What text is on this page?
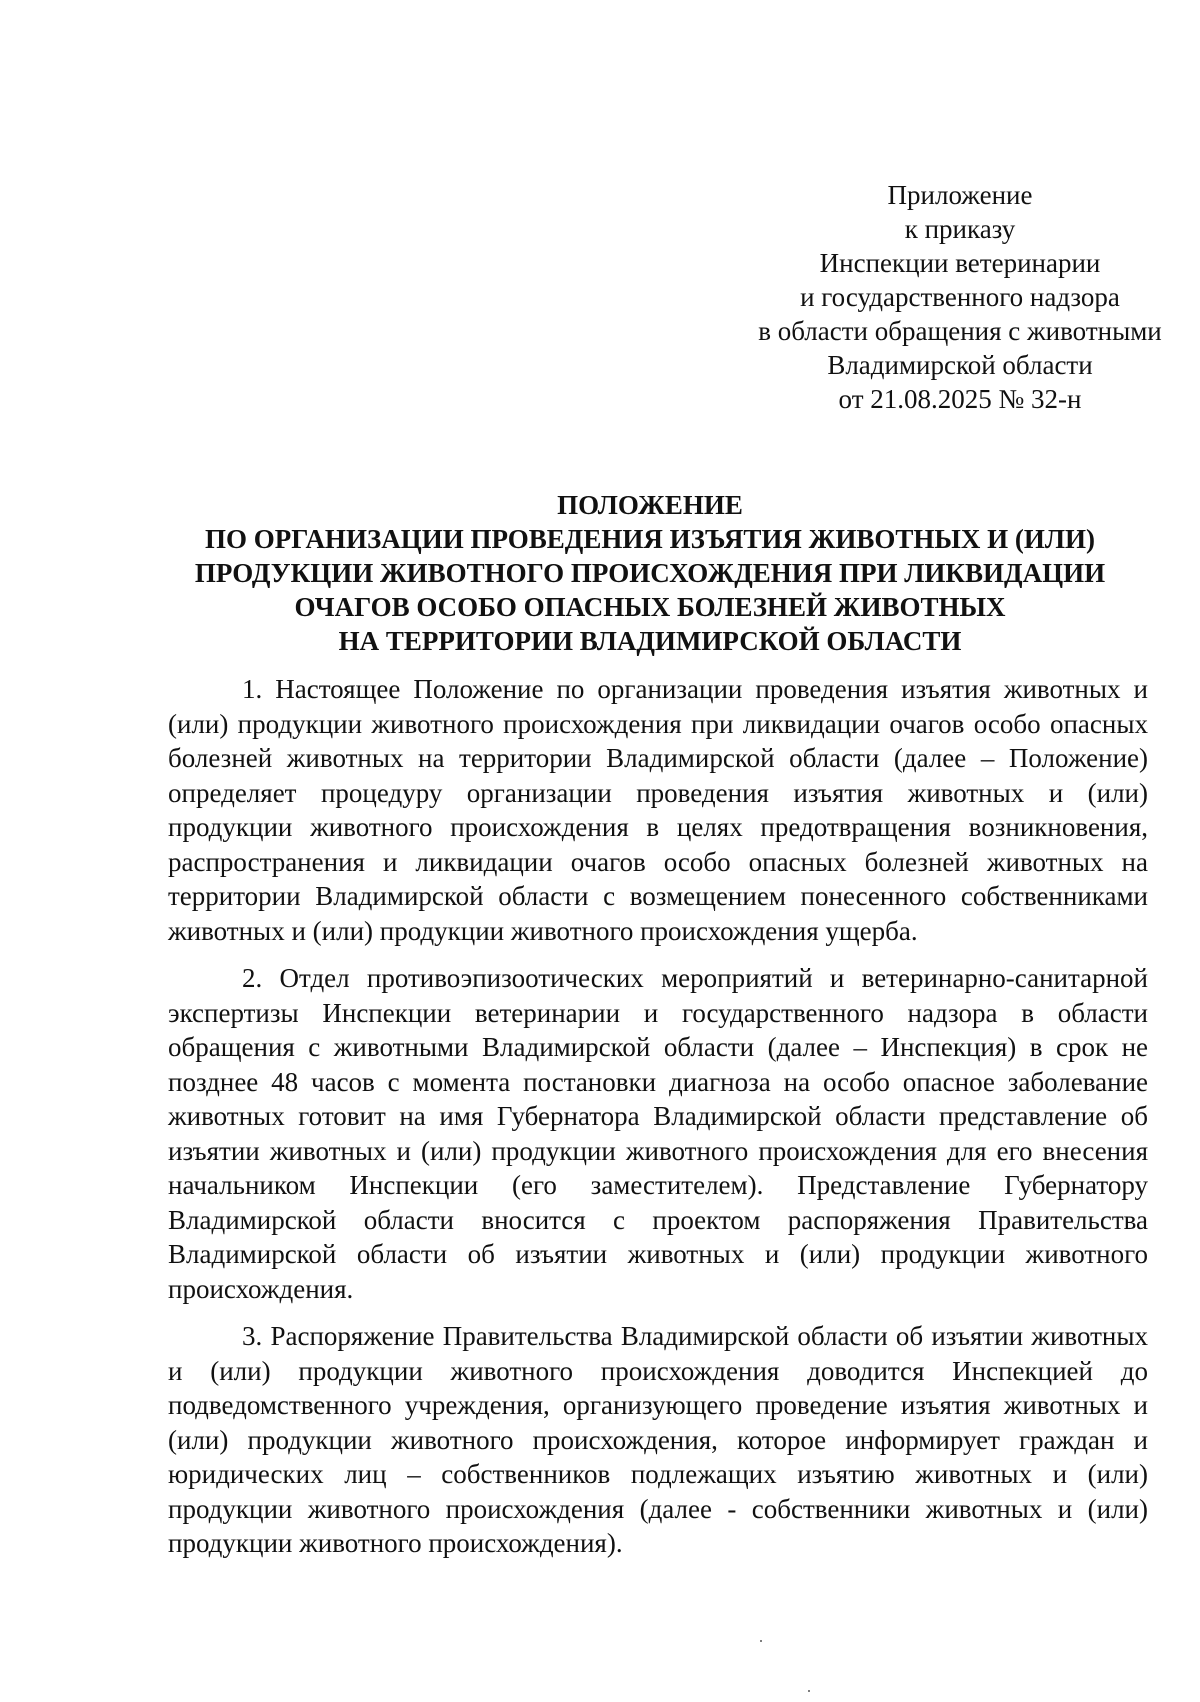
Приложение
к приказу
Инспекции ветеринарии
и государственного надзора
в области обращения с животными
Владимирской области
от 21.08.2025 № 32-н
ПОЛОЖЕНИЕ
ПО ОРГАНИЗАЦИИ ПРОВЕДЕНИЯ ИЗЪЯТИЯ ЖИВОТНЫХ И (ИЛИ)
ПРОДУКЦИИ ЖИВОТНОГО ПРОИСХОЖДЕНИЯ ПРИ ЛИКВИДАЦИИ
ОЧАГОВ ОСОБО ОПАСНЫХ БОЛЕЗНЕЙ ЖИВОТНЫХ
НА ТЕРРИТОРИИ ВЛАДИМИРСКОЙ ОБЛАСТИ

1. Настоящее Положение по организации проведения изъятия животных и (или) продукции животного происхождения при ликвидации очагов особо опасных болезней животных на территории Владимирской области (далее – Положение) определяет процедуру организации проведения изъятия животных и (или) продукции животного происхождения в целях предотвращения возникновения, распространения и ликвидации очагов особо опасных болезней животных на территории Владимирской области с возмещением понесенного собственниками животных и (или) продукции животного происхождения ущерба.

2. Отдел противоэпизоотических мероприятий и ветеринарно-санитарной экспертизы Инспекции ветеринарии и государственного надзора в области обращения с животными Владимирской области (далее – Инспекция) в срок не позднее 48 часов с момента постановки диагноза на особо опасное заболевание животных готовит на имя Губернатора Владимирской области представление об изъятии животных и (или) продукции животного происхождения для его внесения начальником Инспекции (его заместителем). Представление Губернатору Владимирской области вносится с проектом распоряжения Правительства Владимирской области об изъятии животных и (или) продукции животного происхождения.

3. Распоряжение Правительства Владимирской области об изъятии животных и (или) продукции животного происхождения доводится Инспекцией до подведомственного учреждения, организующего проведение изъятия животных и (или) продукции животного происхождения, которое информирует граждан и юридических лиц – собственников подлежащих изъятию животных и (или) продукции животного происхождения (далее - собственники животных и (или) продукции животного происхождения).
